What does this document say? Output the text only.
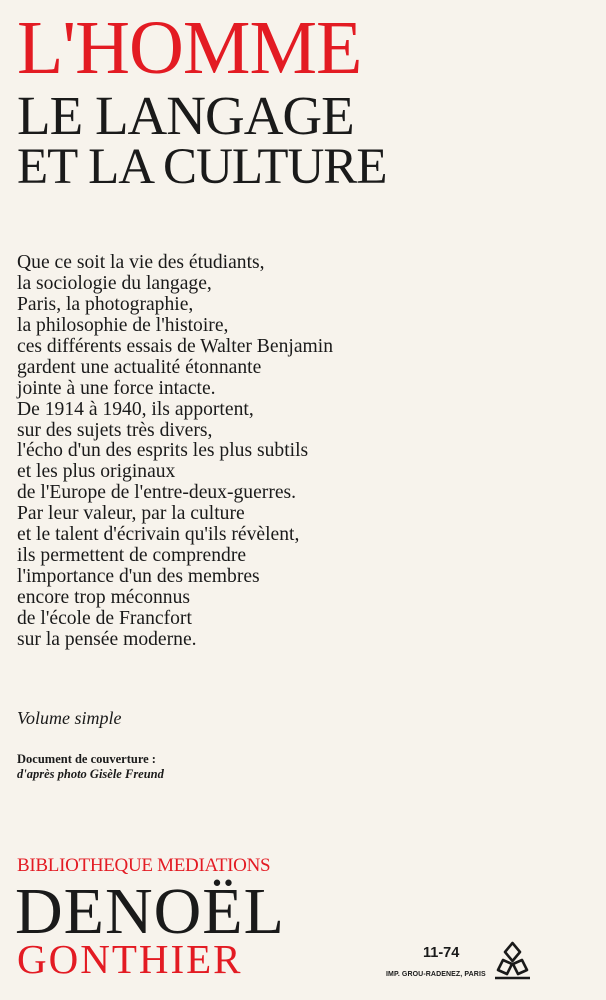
L'HOMME
LE LANGAGE
ET LA CULTURE
Que ce soit la vie des étudiants,
la sociologie du langage,
Paris, la photographie,
la philosophie de l'histoire,
ces différents essais de Walter Benjamin
gardent une actualité étonnante
jointe à une force intacte.
De 1914 à 1940, ils apportent,
sur des sujets très divers,
l'écho d'un des esprits les plus subtils
et les plus originaux
de l'Europe de l'entre-deux-guerres.
Par leur valeur, par la culture
et le talent d'écrivain qu'ils révèlent,
ils permettent de comprendre
l'importance d'un des membres
encore trop méconnus
de l'école de Francfort
sur la pensée moderne.
Volume simple
Document de couverture :
d'après photo Gisèle Freund
BIBLIOTHEQUE MEDIATIONS
DENOËL
GONTHIER	11-74
IMP. GROU-RADENEZ, PARIS
